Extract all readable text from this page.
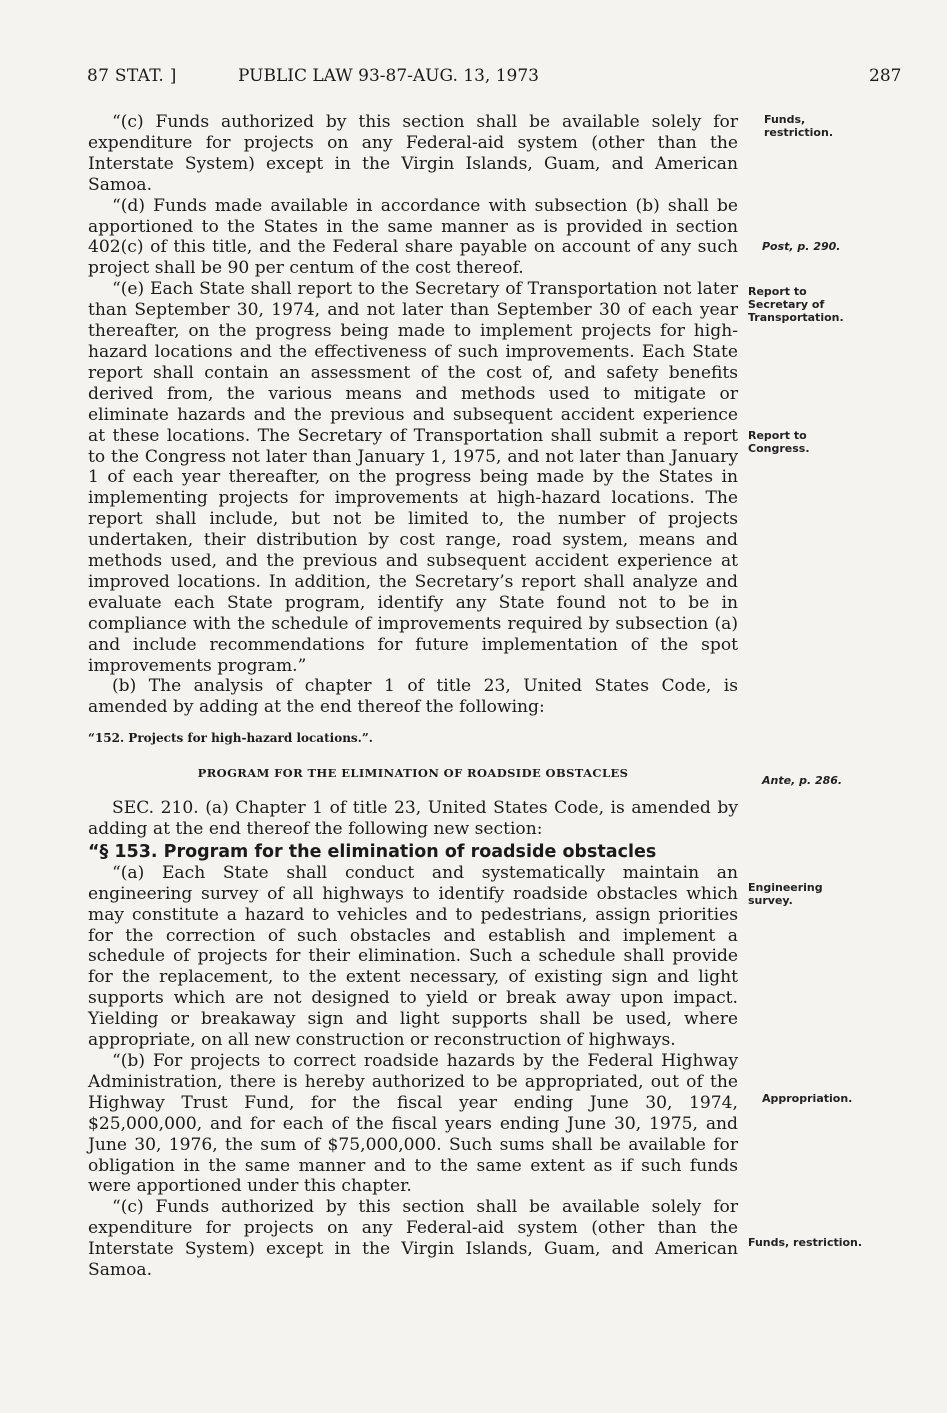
87 STAT. ]	PUBLIC LAW 93-87-AUG. 13, 1973	287

“(c) Funds authorized by this section shall be available solely for expenditure for projects on any Federal-aid system (other than the Interstate System) except in the Virgin Islands, Guam, and American Samoa.

“(d) Funds made available in accordance with subsection (b) shall be apportioned to the States in the same manner as is provided in section 402(c) of this title, and the Federal share payable on account of any such project shall be 90 per centum of the cost thereof.

“(e) Each State shall report to the Secretary of Transportation not later than September 30, 1974, and not later than September 30 of each year thereafter, on the progress being made to implement projects for high-hazard locations and the effectiveness of such improvements. Each State report shall contain an assessment of the cost of, and safety benefits derived from, the various means and methods used to mitigate or eliminate hazards and the previous and subsequent accident experience at these locations. The Secretary of Transportation shall submit a report to the Congress not later than January 1, 1975, and not later than January 1 of each year thereafter, on the progress being made by the States in implementing projects for improvements at high-hazard locations. The report shall include, but not be limited to, the number of projects undertaken, their distribution by cost range, road system, means and methods used, and the previous and subsequent accident experience at improved locations. In addition, the Secretary’s report shall analyze and evaluate each State program, identify any State found not to be in compliance with the schedule of improvements required by subsection (a) and include recommendations for future implementation of the spot improvements program.”

(b) The analysis of chapter 1 of title 23, United States Code, is amended by adding at the end thereof the following:

“152. Projects for high-hazard locations.”.

PROGRAM FOR THE ELIMINATION OF ROADSIDE OBSTACLES

SEC. 210. (a) Chapter 1 of title 23, United States Code, is amended by adding at the end thereof the following new section:

“§ 153. Program for the elimination of roadside obstacles

“(a) Each State shall conduct and systematically maintain an engineering survey of all highways to identify roadside obstacles which may constitute a hazard to vehicles and to pedestrians, assign priorities for the correction of such obstacles and establish and implement a schedule of projects for their elimination. Such a schedule shall provide for the replacement, to the extent necessary, of existing sign and light supports which are not designed to yield or break away upon impact. Yielding or breakaway sign and light supports shall be used, where appropriate, on all new construction or reconstruction of highways.

“(b) For projects to correct roadside hazards by the Federal Highway Administration, there is hereby authorized to be appropriated, out of the Highway Trust Fund, for the fiscal year ending June 30, 1974, $25,000,000, and for each of the fiscal years ending June 30, 1975, and June 30, 1976, the sum of $75,000,000. Such sums shall be available for obligation in the same manner and to the same extent as if such funds were apportioned under this chapter.

“(c) Funds authorized by this section shall be available solely for expenditure for projects on any Federal-aid system (other than the Interstate System) except in the Virgin Islands, Guam, and American Samoa.

Funds, restriction.
Post, p. 290.
Report to Secretary of Transportation.
Report to Congress.
Ante, p. 286.
Engineering survey.
Appropriation.
Funds, restriction.
